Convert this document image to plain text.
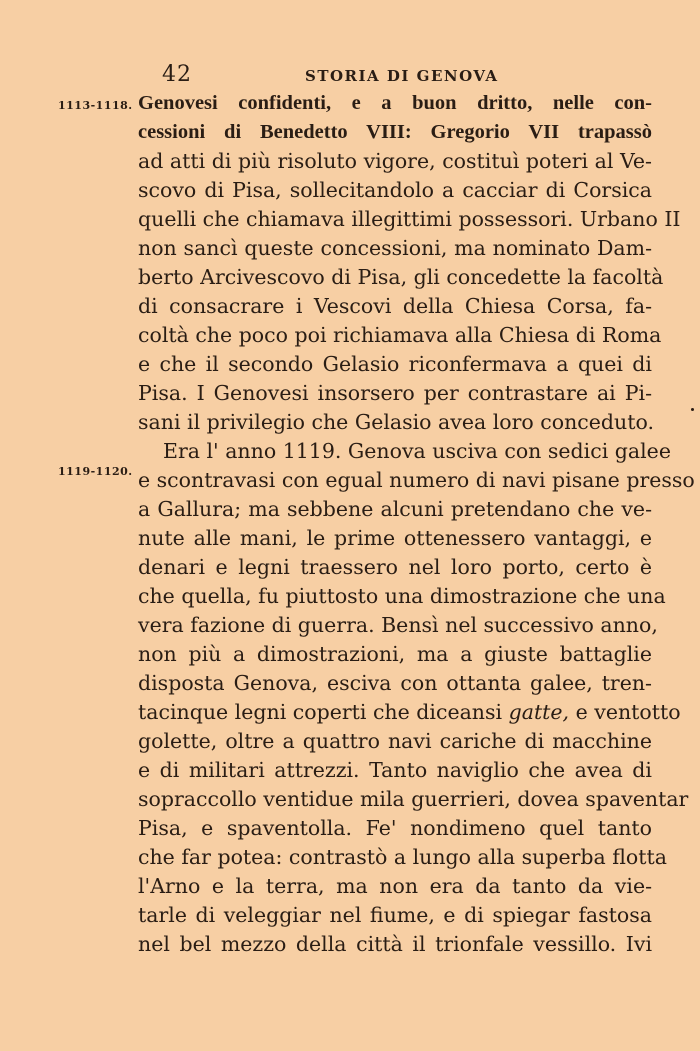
42	STORIA DI GENOVA
1113-1118.
1119-1120.
Genovesi confidenti, e a buon dritto, nelle con-
cessioni di Benedetto VIII: Gregorio VII trapassò
ad atti di più risoluto vigore, costituì poteri al Ve-
scovo di Pisa, sollecitandolo a cacciar di Corsica
quelli che chiamava illegittimi possessori. Urbano II
non sancì queste concessioni, ma nominato Dam-
berto Arcivescovo di Pisa, gli concedette la facoltà
di consacrare i Vescovi della Chiesa Corsa, fa-
coltà che poco poi richiamava alla Chiesa di Roma
e che il secondo Gelasio riconfermava a quei di
Pisa. I Genovesi insorsero per contrastare ai Pi-
sani il privilegio che Gelasio avea loro conceduto.
Era l' anno 1119. Genova usciva con sedici galee
e scontravasi con egual numero di navi pisane presso
a Gallura; ma sebbene alcuni pretendano che ve-
nute alle mani, le prime ottenessero vantaggi, e
denari e legni traessero nel loro porto, certo è
che quella, fu piuttosto una dimostrazione che una
vera fazione di guerra. Bensì nel successivo anno,
non più a dimostrazioni, ma a giuste battaglie
disposta Genova, esciva con ottanta galee, tren-
tacinque legni coperti che diceansi gatte, e ventotto
golette, oltre a quattro navi cariche di macchine
e di militari attrezzi. Tanto naviglio che avea di
sopraccollo ventidue mila guerrieri, dovea spaventar
Pisa, e spaventolla. Fe' nondimeno quel tanto
che far potea: contrastò a lungo alla superba flotta
l'Arno e la terra, ma non era da tanto da vie-
tarle di veleggiar nel fiume, e di spiegar fastosa
nel bel mezzo della città il trionfale vessillo. Ivi
